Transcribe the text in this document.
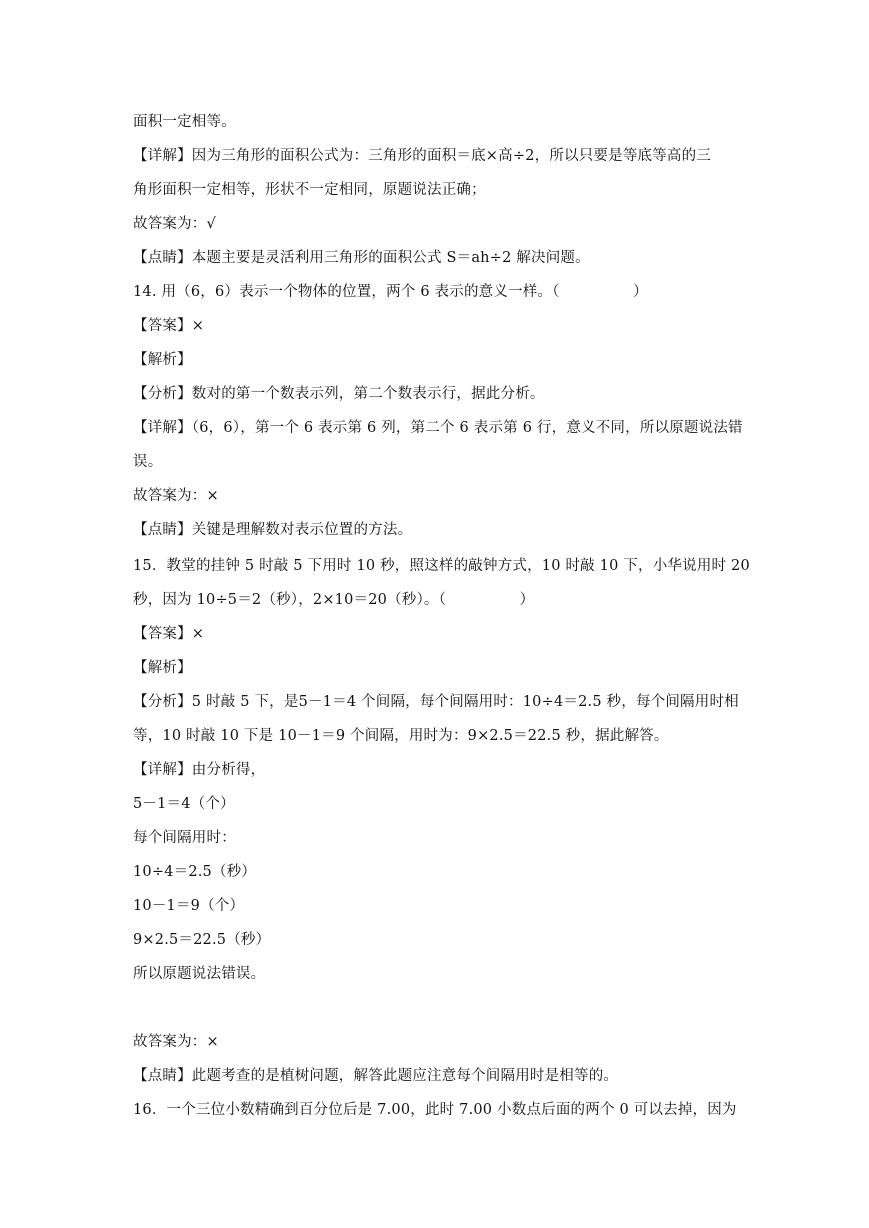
面积一定相等。
【详解】因为三角形的面积公式为：三角形的面积＝底×高÷2，所以只要是等底等高的三
角形面积一定相等，形状不一定相同，原题说法正确；
故答案为：√
【点睛】本题主要是灵活利用三角形的面积公式 S＝ah÷2 解决问题。
14. 用（6，6）表示一个物体的位置，两个 6 表示的意义一样。（　　　　　）
【答案】×
【解析】
【分析】数对的第一个数表示列，第二个数表示行，据此分析。
【详解】（6，6），第一个 6 表示第 6 列，第二个 6 表示第 6 行，意义不同，所以原题说法错
误。
故答案为：×
【点睛】关键是理解数对表示位置的方法。
15．教堂的挂钟 5 时敲 5 下用时 10 秒，照这样的敲钟方式，10 时敲 10 下，小华说用时 20
秒，因为 10÷5＝2（秒），2×10＝20（秒）。（　　　　　）
【答案】×
【解析】
【分析】5 时敲 5 下，是5－1＝4 个间隔，每个间隔用时：10÷4＝2.5 秒，每个间隔用时相
等，10 时敲 10 下是 10－1＝9 个间隔，用时为：9×2.5＝22.5 秒，据此解答。
【详解】由分析得，
5－1＝4（个）
每个间隔用时：
10÷4＝2.5（秒）
10－1＝9（个）
9×2.5＝22.5（秒）
所以原题说法错误。
故答案为：×
【点睛】此题考查的是植树问题，解答此题应注意每个间隔用时是相等的。
16．一个三位小数精确到百分位后是 7.00，此时 7.00 小数点后面的两个 0 可以去掉，因为
